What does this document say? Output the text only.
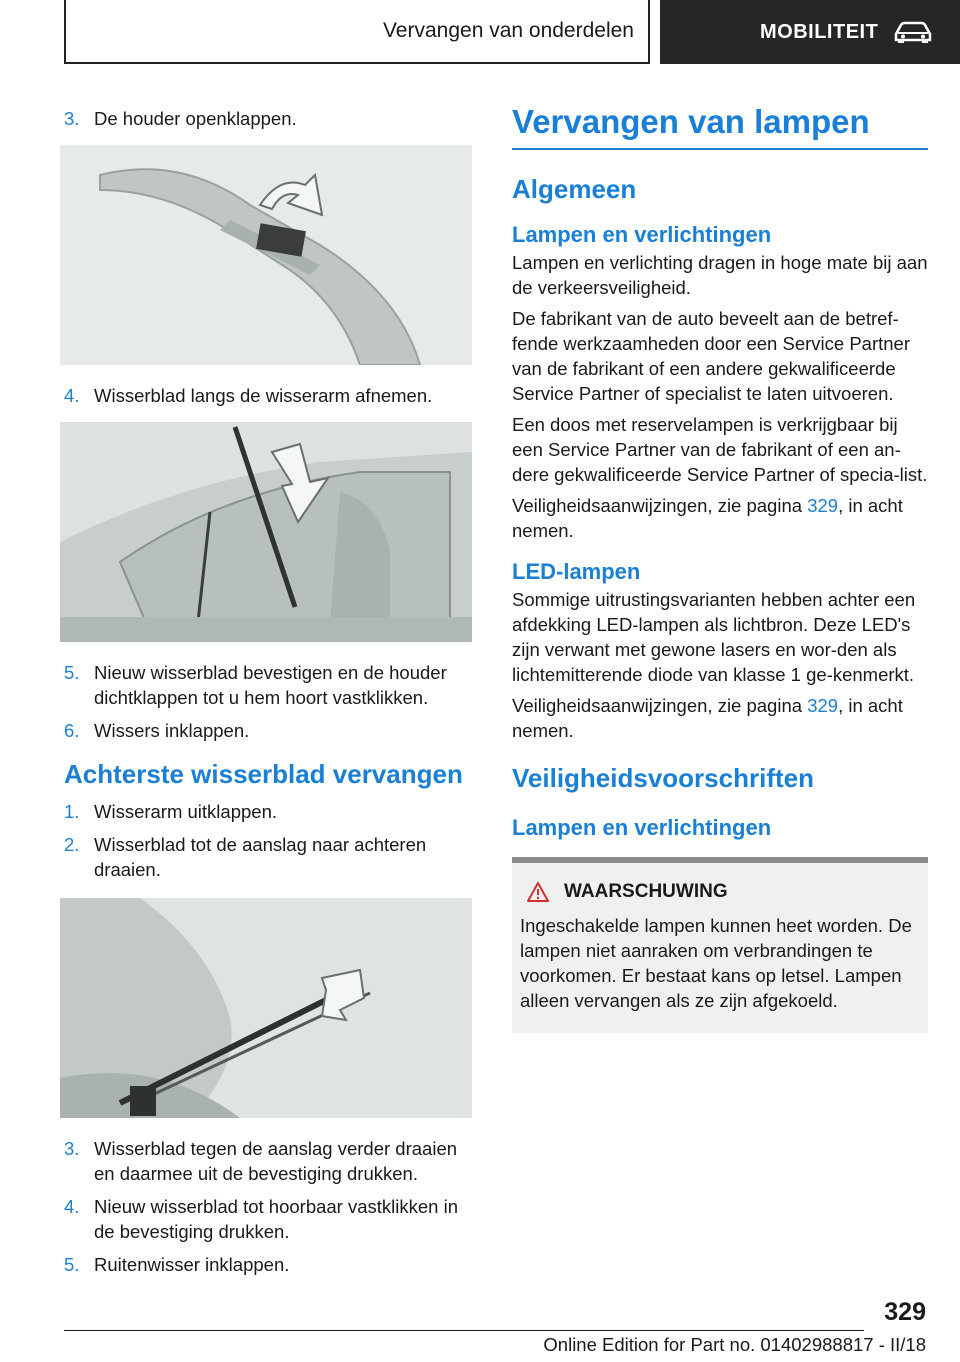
Vervangen van onderdelen	MOBILITEIT
3. De houder openklappen.
4. Wisserblad langs de wisserarm afnemen.
5. Nieuw wisserblad bevestigen en de houder dichtklappen tot u hem hoort vastklikken.
6. Wissers inklappen.
Achterste wisserblad vervangen
1. Wisserarm uitklappen.
2. Wisserblad tot de aanslag naar achteren draaien.
3. Wisserblad tegen de aanslag verder draaien en daarmee uit de bevestiging drukken.
4. Nieuw wisserblad tot hoorbaar vastklikken in de bevestiging drukken.
5. Ruitenwisser inklappen.
Vervangen van lampen
Algemeen
Lampen en verlichtingen

Lampen en verlichting dragen in hoge mate bij aan de verkeersveiligheid.

De fabrikant van de auto beveelt aan de betref-fende werkzaamheden door een Service Partner van de fabrikant of een andere gekwalificeerde Service Partner of specialist te laten uitvoeren.

Een doos met reservelampen is verkrijgbaar bij een Service Partner van de fabrikant of een an-dere gekwalificeerde Service Partner of specia-list.

Veiligheidsaanwijzingen, zie pagina 329, in acht nemen.

LED-lampen

Sommige uitrustingsvarianten hebben achter een afdekking LED-lampen als lichtbron. Deze LED's zijn verwant met gewone lasers en wor-den als lichtemitterende diode van klasse 1 ge-kenmerkt.

Veiligheidsaanwijzingen, zie pagina 329, in acht nemen.

Veiligheidsvoorschriften
Lampen en verlichtingen
WAARSCHUWING

Ingeschakelde lampen kunnen heet worden. De lampen niet aanraken om verbrandingen te voorkomen. Er bestaat kans op letsel. Lampen alleen vervangen als ze zijn afgekoeld.

329
Online Edition for Part no. 01402988817 - II/18
